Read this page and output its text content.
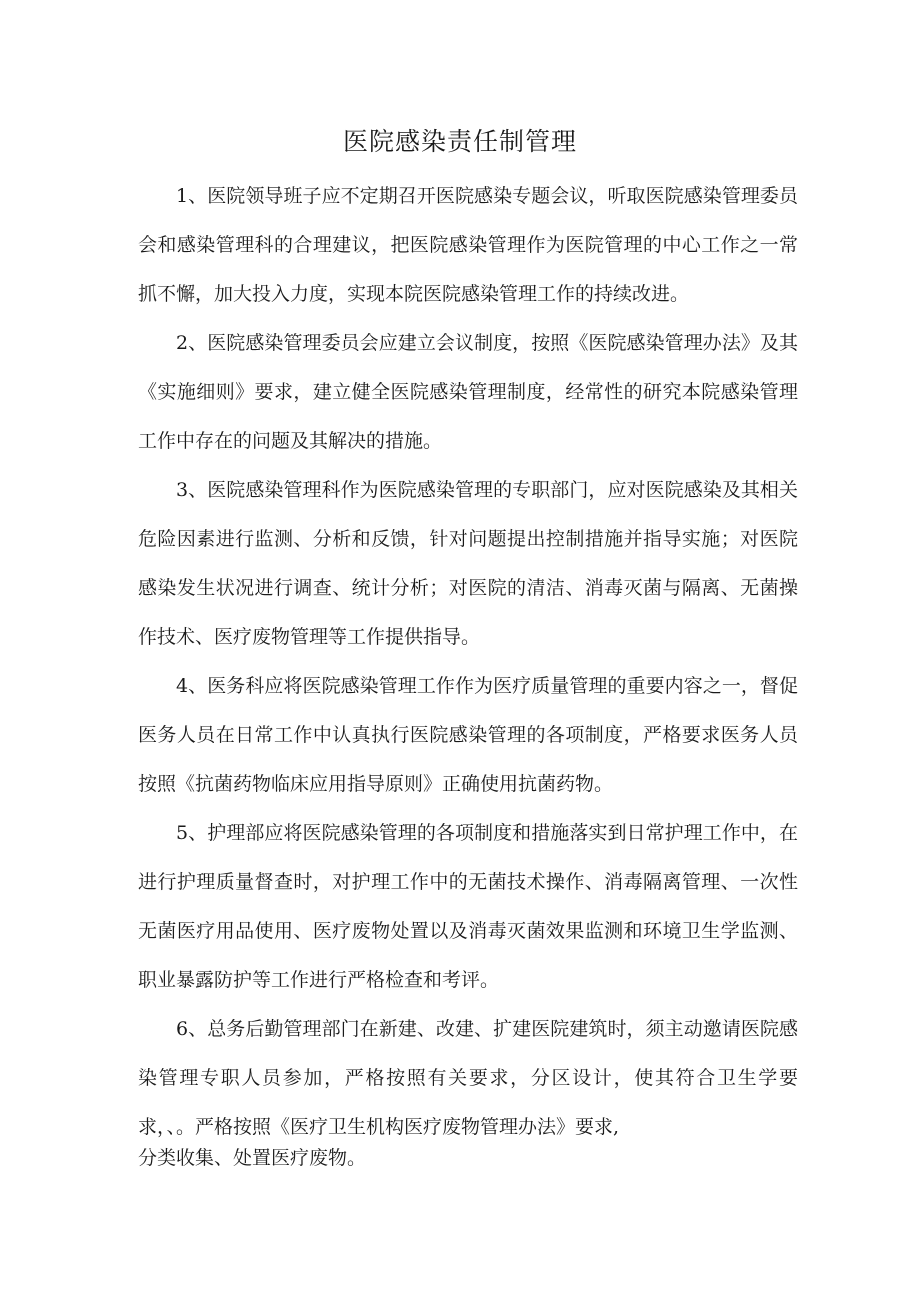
医院感染责任制管理

1、医院领导班子应不定期召开医院感染专题会议，听取医院感染管理委员会和感染管理科的合理建议，把医院感染管理作为医院管理的中心工作之一常抓不懈，加大投入力度，实现本院医院感染管理工作的持续改进。

2、医院感染管理委员会应建立会议制度，按照《医院感染管理办法》及其《实施细则》要求，建立健全医院感染管理制度，经常性的研究本院感染管理工作中存在的问题及其解决的措施。

3、医院感染管理科作为医院感染管理的专职部门，应对医院感染及其相关危险因素进行监测、分析和反馈，针对问题提出控制措施并指导实施；对医院感染发生状况进行调查、统计分析；对医院的清洁、消毒灭菌与隔离、无菌操作技术、医疗废物管理等工作提供指导。

4、医务科应将医院感染管理工作作为医疗质量管理的重要内容之一，督促医务人员在日常工作中认真执行医院感染管理的各项制度，严格要求医务人员按照《抗菌药物临床应用指导原则》正确使用抗菌药物。

5、护理部应将医院感染管理的各项制度和措施落实到日常护理工作中，在进行护理质量督查时，对护理工作中的无菌技术操作、消毒隔离管理、一次性无菌医疗用品使用、医疗废物处置以及消毒灭菌效果监测和环境卫生学监测、职业暴露防护等工作进行严格检查和考评。

6、总务后勤管理部门在新建、改建、扩建医院建筑时，须主动邀请医院感染管理专职人员参加，严格按照有关要求，分区设计，使其符合卫生学要求，、。严格按照《医疗卫生机构医疗废物管理办法》要求,

分类收集、处置医疗废物。
